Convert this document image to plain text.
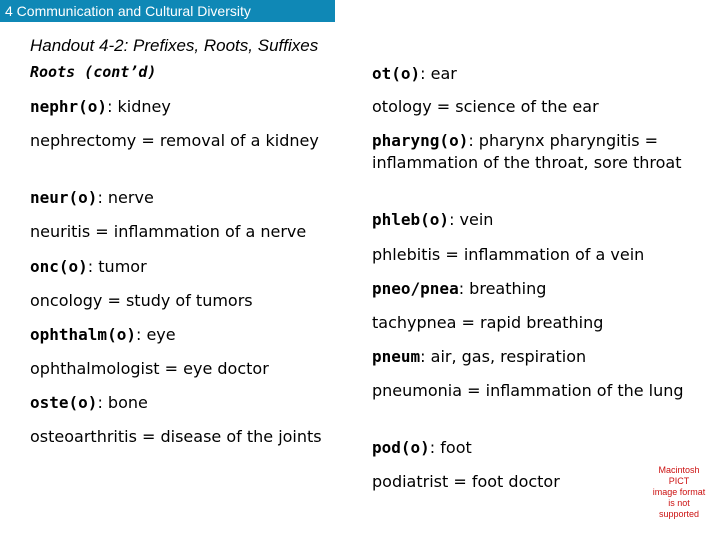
4 Communication and Cultural Diversity
Handout 4-2: Prefixes, Roots, Suffixes
Roots (cont’d)
nephr(o): kidney
nephrectomy = removal of a kidney
neur(o): nerve
neuritis = inflammation of a nerve
onc(o): tumor
oncology = study of tumors
ophthalm(o): eye
ophthalmologist = eye doctor
oste(o): bone
osteoarthritis = disease of the joints
ot(o): ear
otology = science of the ear
pharyng(o): pharynx pharyngitis = inflammation of the throat, sore throat
phleb(o): vein
phlebitis = inflammation of a vein
pneo/pnea: breathing
tachypnea = rapid breathing
pneum: air, gas, respiration
pneumonia = inflammation of the lung
pod(o): foot
podiatrist = foot doctor
Macintosh PICT
image format
is not supported
